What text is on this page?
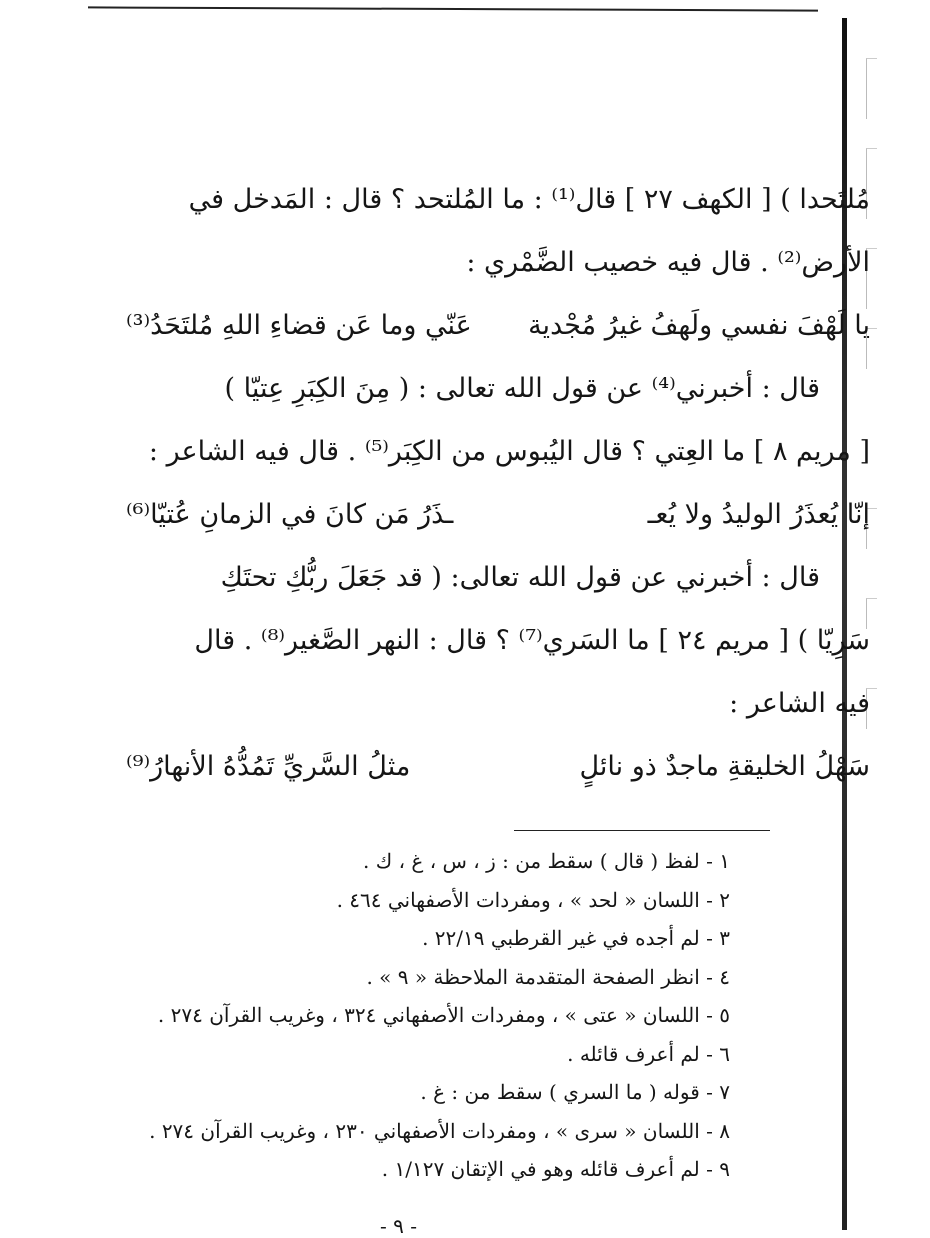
مُلتَحدا ) [ الكهف ٢٧ ] قال⁽¹⁾ : ما المُلتحد ؟ قال : المَدخل في

الأرض⁽²⁾ . قال فيه خصيب الضَّمْري :

يا لَهْفَ نفسي ولَهفُ غيرُ مُجْدية
عَنّي وما عَن قضاءِ اللهِ مُلتَحَدُ⁽³⁾

قال : أخبرني⁽⁴⁾ عن قول الله تعالى : ( مِنَ الكِبَرِ عِتيّا )

[ مريم ٨ ] ما العِتي ؟ قال اليُبوس من الكِبَر⁽⁵⁾ . قال فيه الشاعر :

إنّا يُعذَرُ الوليدُ ولا يُعـ
ـذَرُ مَن كانَ في الزمانِ عُتيّا⁽⁶⁾

قال : أخبرني عن قول الله تعالى: ( قد جَعَلَ ربُّكِ تحتَكِ

سَرِيّا ) [ مريم ٢٤ ] ما السَري⁽⁷⁾ ؟ قال : النهر الصَّغير⁽⁸⁾ . قال

فيه الشاعر :

سَهْلُ الخليقةِ ماجدٌ ذو نائلٍ
مثلُ السَّريِّ تَمُدُّهُ الأنهارُ⁽⁹⁾

١ - لفظ ( قال ) سقط من : ز ، س ، غ ، ك .
٢ - اللسان « لحد » ، ومفردات الأصفهاني ٤٦٤ .
٣ - لم أجده في غير القرطبي ٢٢/١٩ .
٤ - انظر الصفحة المتقدمة الملاحظة « ٩ » .
٥ - اللسان « عتى » ، ومفردات الأصفهاني ٣٢٤ ، وغريب القرآن ٢٧٤ .
٦ - لم أعرف قائله .
٧ - قوله ( ما السري ) سقط من : غ .
٨ - اللسان « سرى » ، ومفردات الأصفهاني ٢٣٠ ، وغريب القرآن ٢٧٤ .
٩ - لم أعرف قائله وهو في الإتقان ١/١٢٧ .
- ٩ -
